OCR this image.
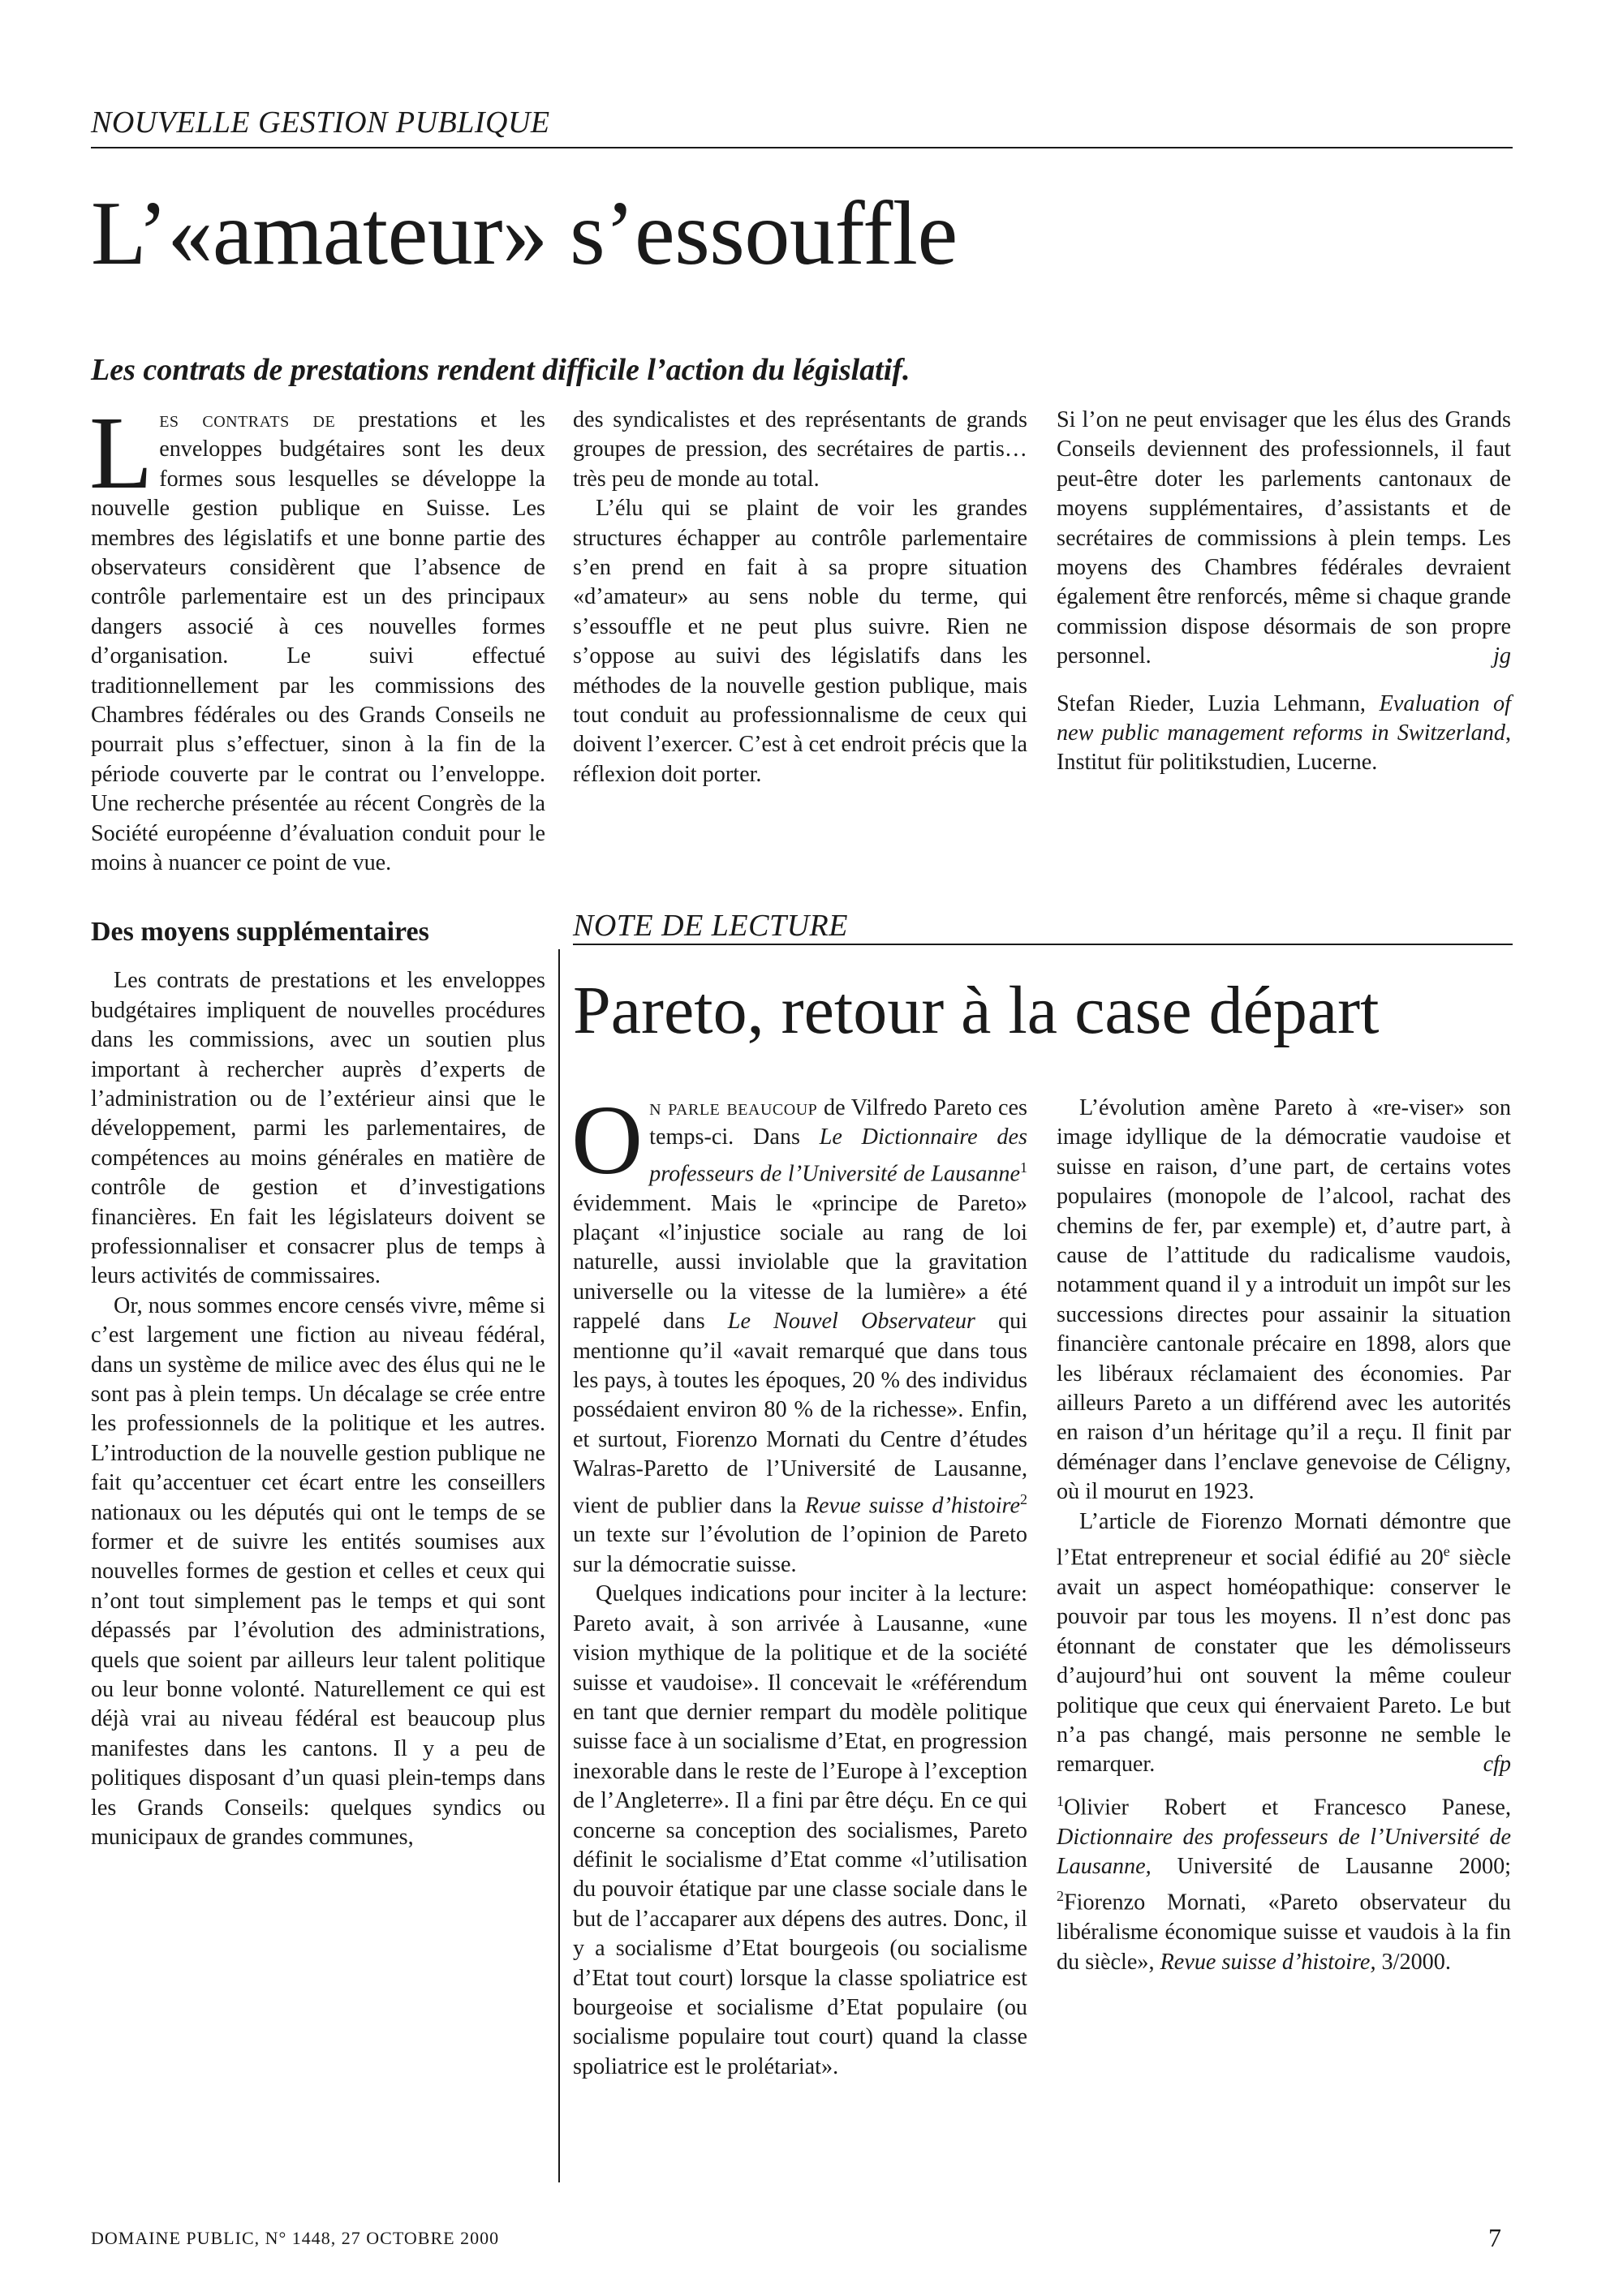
NOUVELLE GESTION PUBLIQUE
L’«amateur» s’essouffle
Les contrats de prestations rendent difficile l’action du législatif.

Les contrats de prestations et les enveloppes budgétaires sont les deux formes sous lesquelles se développe la nouvelle gestion publique en Suisse. Les membres des législatifs et une bonne partie des observateurs considèrent que l’absence de contrôle parlementaire est un des principaux dangers associé à ces nouvelles formes d’organisation. Le suivi effectué traditionnellement par les commissions des Chambres fédérales ou des Grands Conseils ne pourrait plus s’effectuer, sinon à la fin de la période couverte par le contrat ou l’enveloppe. Une recherche présentée au récent Congrès de la Société européenne d’évaluation conduit pour le moins à nuancer ce point de vue.

Des moyens supplémentaires

Les contrats de prestations et les enveloppes budgétaires impliquent de nouvelles procédures dans les commissions, avec un soutien plus important à rechercher auprès d’experts de l’administration ou de l’extérieur ainsi que le développement, parmi les parlementaires, de compétences au moins générales en matière de contrôle de gestion et d’investigations financières. En fait les législateurs doivent se professionnaliser et consacrer plus de temps à leurs activités de commissaires.

Or, nous sommes encore censés vivre, même si c’est largement une fiction au niveau fédéral, dans un système de milice avec des élus qui ne le sont pas à plein temps. Un décalage se crée entre les professionnels de la politique et les autres. L’introduction de la nouvelle gestion publique ne fait qu’accentuer cet écart entre les conseillers nationaux ou les députés qui ont le temps de se former et de suivre les entités soumises aux nouvelles formes de gestion et celles et ceux qui n’ont tout simplement pas le temps et qui sont dépassés par l’évolution des administrations, quels que soient par ailleurs leur talent politique ou leur bonne volonté. Naturellement ce qui est déjà vrai au niveau fédéral est beaucoup plus manifestes dans les cantons. Il y a peu de politiques disposant d’un quasi plein-temps dans les Grands Conseils: quelques syndics ou municipaux de grandes communes,

des syndicalistes et des représentants de grands groupes de pression, des secrétaires de partis… très peu de monde au total.

L’élu qui se plaint de voir les grandes structures échapper au contrôle parlementaire s’en prend en fait à sa propre situation «d’amateur» au sens noble du terme, qui s’essouffle et ne peut plus suivre. Rien ne s’oppose au suivi des législatifs dans les méthodes de la nouvelle gestion publique, mais tout conduit au professionnalisme de ceux qui doivent l’exercer. C’est à cet endroit précis que la réflexion doit porter.

Si l’on ne peut envisager que les élus des Grands Conseils deviennent des professionnels, il faut peut-être doter les parlements cantonaux de moyens supplémentaires, d’assistants et de secrétaires de commissions à plein temps. Les moyens des Chambres fédérales devraient également être renforcés, même si chaque grande commission dispose désormais de son propre personnel.	jg

Stefan Rieder, Luzia Lehmann, Evaluation of new public management reforms in Switzerland, Institut für politikstudien, Lucerne.

NOTE DE LECTURE
Pareto, retour à la case départ

On parle beaucoup de Vilfredo Pareto ces temps-ci. Dans Le Dictionnaire des professeurs de l’Université de Lausanne$^1$ évidemment. Mais le «principe de Pareto» plaçant «l’injustice sociale au rang de loi naturelle, aussi inviolable que la gravitation universelle ou la vitesse de la lumière» a été rappelé dans Le Nouvel Observateur qui mentionne qu’il «avait remarqué que dans tous les pays, à toutes les époques, 20 % des individus possédaient environ 80 % de la richesse». Enfin, et surtout, Fiorenzo Mornati du Centre d’études Walras-Paretto de l’Université de Lausanne, vient de publier dans la Revue suisse d’histoire$^2$ un texte sur l’évolution de l’opinion de Pareto sur la démocratie suisse.

Quelques indications pour inciter à la lecture: Pareto avait, à son arrivée à Lausanne, «une vision mythique de la politique et de la société suisse et vaudoise». Il concevait le «référendum en tant que dernier rempart du modèle politique suisse face à un socialisme d’Etat, en progression inexorable dans le reste de l’Europe à l’exception de l’Angleterre». Il a fini par être déçu. En ce qui concerne sa conception des socialismes, Pareto définit le socialisme d’Etat comme «l’utilisation du pouvoir étatique par une classe sociale dans le but de l’accaparer aux dépens des autres. Donc, il y a socialisme d’Etat bourgeois (ou socialisme d’Etat tout court) lorsque la classe spoliatrice est bourgeoise et socialisme d’Etat populaire (ou socialisme populaire tout court) quand la classe spoliatrice est le prolétariat».

L’évolution amène Pareto à «re-viser» son image idyllique de la démocratie vaudoise et suisse en raison, d’une part, de certains votes populaires (monopole de l’alcool, rachat des chemins de fer, par exemple) et, d’autre part, à cause de l’attitude du radicalisme vaudois, notamment quand il y a introduit un impôt sur les successions directes pour assainir la situation financière cantonale précaire en 1898, alors que les libéraux réclamaient des économies. Par ailleurs Pareto a un différend avec les autorités en raison d’un héritage qu’il a reçu. Il finit par déménager dans l’enclave genevoise de Céligny, où il mourut en 1923.

L’article de Fiorenzo Mornati démontre que l’Etat entrepreneur et social édifié au 20e siècle avait un aspect homéopathique: conserver le pouvoir par tous les moyens. Il n’est donc pas étonnant de constater que les démolisseurs d’aujourd’hui ont souvent la même couleur politique que ceux qui énervaient Pareto. Le but n’a pas changé, mais personne ne semble le remarquer.	cfp

$^1$Olivier Robert et Francesco Panese, Dictionnaire des professeurs de l’Université de Lausanne, Université de Lausanne 2000; $^2$Fiorenzo Mornati, «Pareto observateur du libéralisme économique suisse et vaudois à la fin du siècle», Revue suisse d’histoire, 3/2000.

DOMAINE PUBLIC, N° 1448, 27 OCTOBRE 2000	7
